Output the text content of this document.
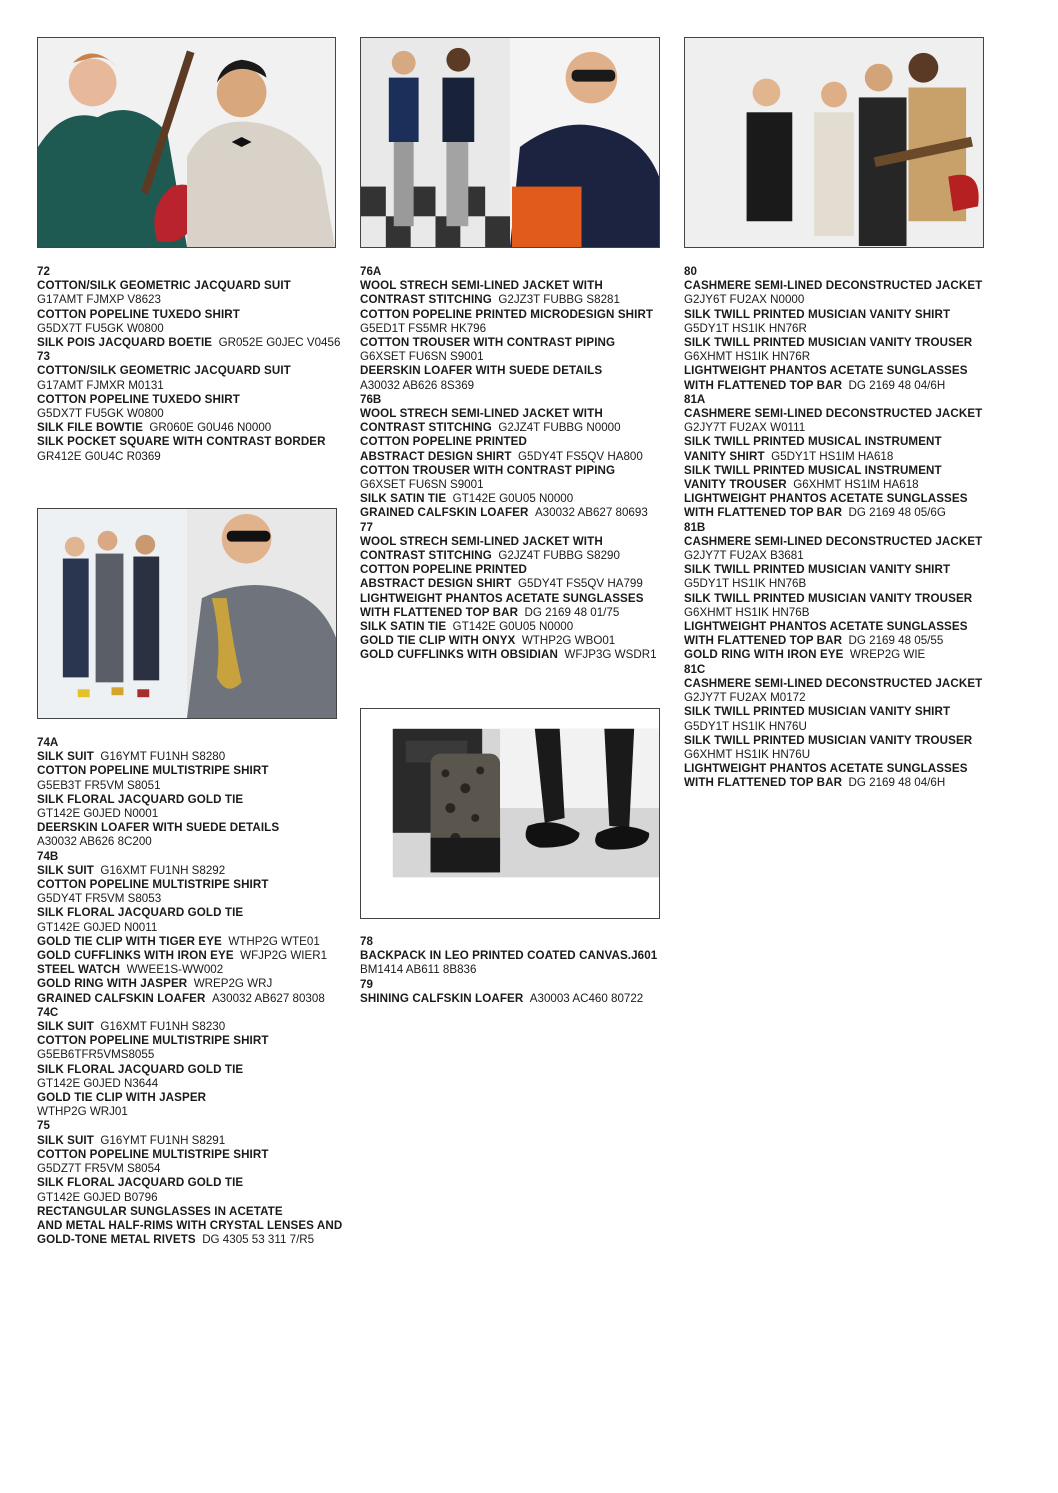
72

COTTON/SILK GEOMETRIC JACQUARD SUIT

G17AMT FJMXP V8623

COTTON POPELINE TUXEDO SHIRT

G5DX7T FU5GK W0800

SILK POIS JACQUARD BOETIE GR052E G0JEC V0456

73

COTTON/SILK GEOMETRIC JACQUARD SUIT

G17AMT FJMXR M0131

COTTON POPELINE TUXEDO SHIRT

G5DX7T FU5GK W0800

SILK FILE BOWTIE GR060E G0U46 N0000

SILK POCKET SQUARE WITH CONTRAST BORDER

GR412E G0U4C R0369

74A

SILK SUIT G16YMT FU1NH S8280

COTTON POPELINE MULTISTRIPE SHIRT

G5EB3T FR5VM S8051

SILK FLORAL JACQUARD GOLD TIE

GT142E G0JED N0001

DEERSKIN LOAFER WITH SUEDE DETAILS

A30032 AB626 8C200

74B

SILK SUIT G16XMT FU1NH S8292

COTTON POPELINE MULTISTRIPE SHIRT

G5DY4T FR5VM S8053

SILK FLORAL JACQUARD GOLD TIE

GT142E G0JED N0011

GOLD TIE CLIP WITH TIGER EYE WTHP2G WTE01

GOLD CUFFLINKS WITH IRON EYE WFJP2G WIER1

STEEL WATCH WWEE1S-WW002

GOLD RING WITH JASPER WREP2G WRJ

GRAINED CALFSKIN LOAFER A30032 AB627 80308

74C

SILK SUIT G16XMT FU1NH S8230

COTTON POPELINE MULTISTRIPE SHIRT

G5EB6TFR5VMS8055

SILK FLORAL JACQUARD GOLD TIE

GT142E G0JED N3644

GOLD TIE CLIP WITH JASPER

WTHP2G WRJ01

75

SILK SUIT G16YMT FU1NH S8291

COTTON POPELINE MULTISTRIPE SHIRT

G5DZ7T FR5VM S8054

SILK FLORAL JACQUARD GOLD TIE

GT142E G0JED B0796

RECTANGULAR SUNGLASSES IN ACETATE

AND METAL HALF-RIMS WITH CRYSTAL LENSES AND

GOLD-TONE METAL RIVETS DG 4305 53 311 7/R5

76A

WOOL STRECH SEMI-LINED JACKET WITH

CONTRAST STITCHING G2JZ3T FUBBG S8281

COTTON POPELINE PRINTED MICRODESIGN SHIRT

G5ED1T FS5MR HK796

COTTON TROUSER WITH CONTRAST PIPING

G6XSET FU6SN S9001

DEERSKIN LOAFER WITH SUEDE DETAILS

A30032 AB626 8S369

76B

WOOL STRECH SEMI-LINED JACKET WITH

CONTRAST STITCHING G2JZ4T FUBBG N0000

COTTON POPELINE PRINTED

ABSTRACT DESIGN SHIRT G5DY4T FS5QV HA800

COTTON TROUSER WITH CONTRAST PIPING

G6XSET FU6SN S9001

SILK SATIN TIE GT142E G0U05 N0000

GRAINED CALFSKIN LOAFER A30032 AB627 80693

77

WOOL STRECH SEMI-LINED JACKET WITH

CONTRAST STITCHING G2JZ4T FUBBG S8290

COTTON POPELINE PRINTED

ABSTRACT DESIGN SHIRT G5DY4T FS5QV HA799

LIGHTWEIGHT PHANTOS ACETATE SUNGLASSES

WITH FLATTENED TOP BAR DG 2169 48 01/75

SILK SATIN TIE GT142E G0U05 N0000

GOLD TIE CLIP WITH ONYX WTHP2G WBO01

GOLD CUFFLINKS WITH OBSIDIAN WFJP3G WSDR1

78

BACKPACK IN LEO PRINTED COATED CANVAS.J601

BM1414 AB611 8B836

79

SHINING CALFSKIN LOAFER A30003 AC460 80722

80

CASHMERE SEMI-LINED DECONSTRUCTED JACKET

G2JY6T FU2AX N0000

SILK TWILL PRINTED MUSICIAN VANITY SHIRT

G5DY1T HS1IK HN76R

SILK TWILL PRINTED MUSICIAN VANITY TROUSER

G6XHMT HS1IK HN76R

LIGHTWEIGHT PHANTOS ACETATE SUNGLASSES

WITH FLATTENED TOP BAR DG 2169 48 04/6H

81A

CASHMERE SEMI-LINED DECONSTRUCTED JACKET

G2JY7T FU2AX W0111

SILK TWILL PRINTED MUSICAL INSTRUMENT

VANITY SHIRT G5DY1T HS1IM HA618

SILK TWILL PRINTED MUSICAL INSTRUMENT

VANITY TROUSER G6XHMT HS1IM HA618

LIGHTWEIGHT PHANTOS ACETATE SUNGLASSES

WITH FLATTENED TOP BAR DG 2169 48 05/6G

81B

CASHMERE SEMI-LINED DECONSTRUCTED JACKET

G2JY7T FU2AX B3681

SILK TWILL PRINTED MUSICIAN VANITY SHIRT

G5DY1T HS1IK HN76B

SILK TWILL PRINTED MUSICIAN VANITY TROUSER

G6XHMT HS1IK HN76B

LIGHTWEIGHT PHANTOS ACETATE SUNGLASSES

WITH FLATTENED TOP BAR DG 2169 48 05/55

GOLD RING WITH IRON EYE WREP2G WIE

81C

CASHMERE SEMI-LINED DECONSTRUCTED JACKET

G2JY7T FU2AX M0172

SILK TWILL PRINTED MUSICIAN VANITY SHIRT

G5DY1T HS1IK HN76U

SILK TWILL PRINTED MUSICIAN VANITY TROUSER

G6XHMT HS1IK HN76U

LIGHTWEIGHT PHANTOS ACETATE SUNGLASSES

WITH FLATTENED TOP BAR DG 2169 48 04/6H
